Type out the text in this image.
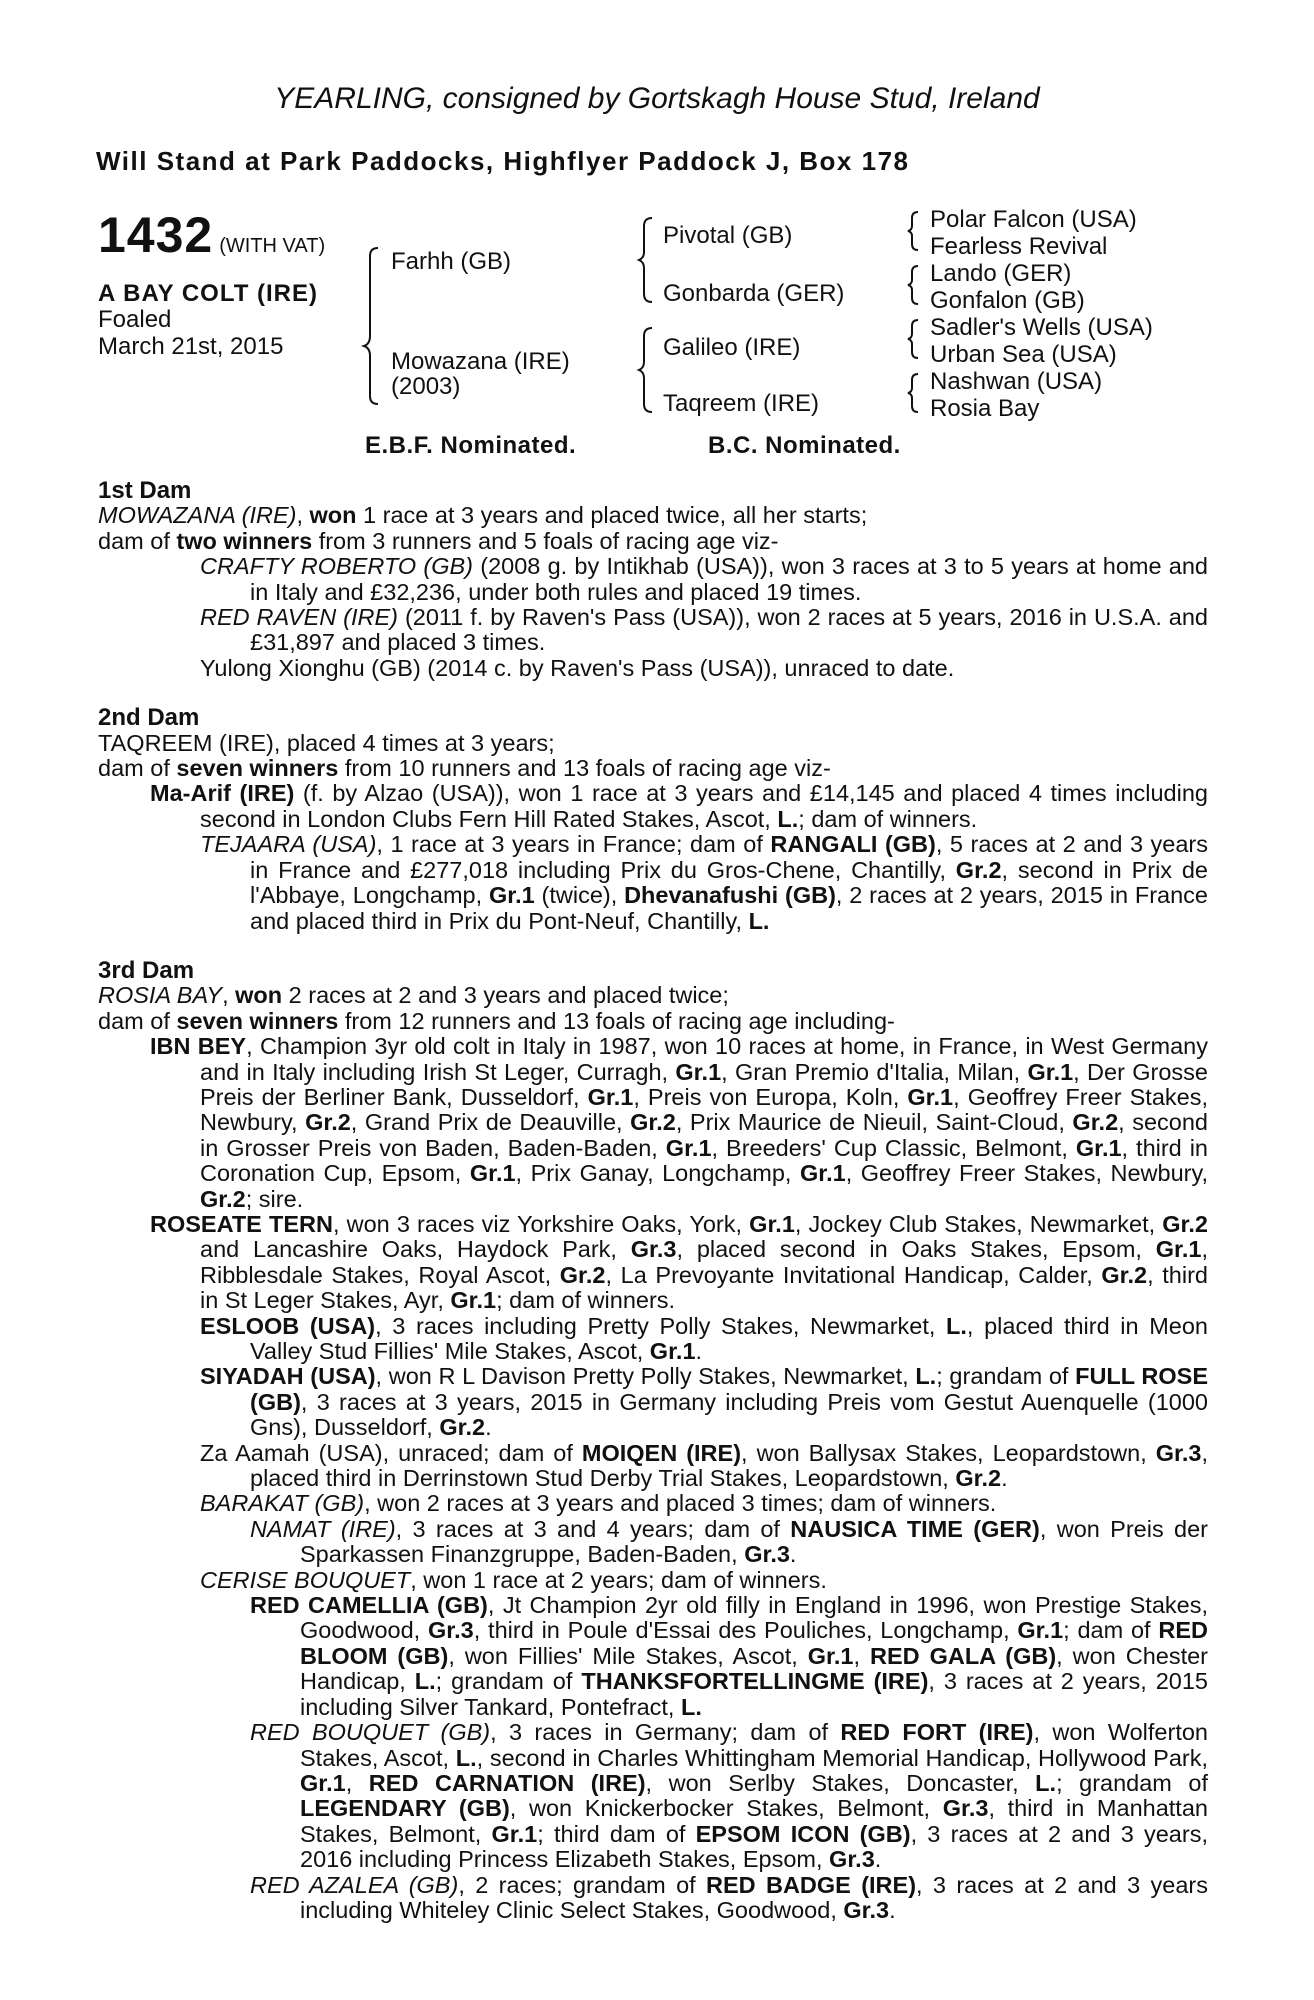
YEARLING, consigned by Gortskagh House Stud, Ireland
Will Stand at Park Paddocks, Highflyer Paddock J, Box 178
1432 (WITH VAT)
A BAY COLT (IRE)
Foaled
March 21st, 2015
Farhh (GB)
Mowazana (IRE)
(2003)
Pivotal (GB)
Gonbarda (GER)
Galileo (IRE)
Taqreem (IRE)
Polar Falcon (USA)
Fearless Revival
Lando (GER)
Gonfalon (GB)
Sadler's Wells (USA)
Urban Sea (USA)
Nashwan (USA)
Rosia Bay
E.B.F. Nominated.	B.C. Nominated.

1st Dam

MOWAZANA (IRE), won 1 race at 3 years and placed twice, all her starts;

dam of two winners from 3 runners and 5 foals of racing age viz-

CRAFTY ROBERTO (GB) (2008 g. by Intikhab (USA)), won 3 races at 3 to 5 years at home and in Italy and £32,236, under both rules and placed 19 times.

RED RAVEN (IRE) (2011 f. by Raven's Pass (USA)), won 2 races at 5 years, 2016 in U.S.A. and £31,897 and placed 3 times.

Yulong Xionghu (GB) (2014 c. by Raven's Pass (USA)), unraced to date.

2nd Dam

TAQREEM (IRE), placed 4 times at 3 years;

dam of seven winners from 10 runners and 13 foals of racing age viz-

Ma-Arif (IRE) (f. by Alzao (USA)), won 1 race at 3 years and £14,145 and placed 4 times including second in London Clubs Fern Hill Rated Stakes, Ascot, L.; dam of winners.

TEJAARA (USA), 1 race at 3 years in France; dam of RANGALI (GB), 5 races at 2 and 3 years in France and £277,018 including Prix du Gros-Chene, Chantilly, Gr.2, second in Prix de l'Abbaye, Longchamp, Gr.1 (twice), Dhevanafushi (GB), 2 races at 2 years, 2015 in France and placed third in Prix du Pont-Neuf, Chantilly, L.

3rd Dam

ROSIA BAY, won 2 races at 2 and 3 years and placed twice;

dam of seven winners from 12 runners and 13 foals of racing age including-

IBN BEY, Champion 3yr old colt in Italy in 1987, won 10 races at home, in France, in West Germany and in Italy including Irish St Leger, Curragh, Gr.1, Gran Premio d'Italia, Milan, Gr.1, Der Grosse Preis der Berliner Bank, Dusseldorf, Gr.1, Preis von Europa, Koln, Gr.1, Geoffrey Freer Stakes, Newbury, Gr.2, Grand Prix de Deauville, Gr.2, Prix Maurice de Nieuil, Saint-Cloud, Gr.2, second in Grosser Preis von Baden, Baden-Baden, Gr.1, Breeders' Cup Classic, Belmont, Gr.1, third in Coronation Cup, Epsom, Gr.1, Prix Ganay, Longchamp, Gr.1, Geoffrey Freer Stakes, Newbury, Gr.2; sire.

ROSEATE TERN, won 3 races viz Yorkshire Oaks, York, Gr.1, Jockey Club Stakes, Newmarket, Gr.2 and Lancashire Oaks, Haydock Park, Gr.3, placed second in Oaks Stakes, Epsom, Gr.1, Ribblesdale Stakes, Royal Ascot, Gr.2, La Prevoyante Invitational Handicap, Calder, Gr.2, third in St Leger Stakes, Ayr, Gr.1; dam of winners.

ESLOOB (USA), 3 races including Pretty Polly Stakes, Newmarket, L., placed third in Meon Valley Stud Fillies' Mile Stakes, Ascot, Gr.1.

SIYADAH (USA), won R L Davison Pretty Polly Stakes, Newmarket, L.; grandam of FULL ROSE (GB), 3 races at 3 years, 2015 in Germany including Preis vom Gestut Auenquelle (1000 Gns), Dusseldorf, Gr.2.

Za Aamah (USA), unraced; dam of MOIQEN (IRE), won Ballysax Stakes, Leopardstown, Gr.3, placed third in Derrinstown Stud Derby Trial Stakes, Leopardstown, Gr.2.

BARAKAT (GB), won 2 races at 3 years and placed 3 times; dam of winners.

NAMAT (IRE), 3 races at 3 and 4 years; dam of NAUSICA TIME (GER), won Preis der Sparkassen Finanzgruppe, Baden-Baden, Gr.3.

CERISE BOUQUET, won 1 race at 2 years; dam of winners.

RED CAMELLIA (GB), Jt Champion 2yr old filly in England in 1996, won Prestige Stakes, Goodwood, Gr.3, third in Poule d'Essai des Pouliches, Longchamp, Gr.1; dam of RED BLOOM (GB), won Fillies' Mile Stakes, Ascot, Gr.1, RED GALA (GB), won Chester Handicap, L.; grandam of THANKSFORTELLINGME (IRE), 3 races at 2 years, 2015 including Silver Tankard, Pontefract, L.

RED BOUQUET (GB), 3 races in Germany; dam of RED FORT (IRE), won Wolferton Stakes, Ascot, L., second in Charles Whittingham Memorial Handicap, Hollywood Park, Gr.1, RED CARNATION (IRE), won Serlby Stakes, Doncaster, L.; grandam of LEGENDARY (GB), won Knickerbocker Stakes, Belmont, Gr.3, third in Manhattan Stakes, Belmont, Gr.1; third dam of EPSOM ICON (GB), 3 races at 2 and 3 years, 2016 including Princess Elizabeth Stakes, Epsom, Gr.3.

RED AZALEA (GB), 2 races; grandam of RED BADGE (IRE), 3 races at 2 and 3 years including Whiteley Clinic Select Stakes, Goodwood, Gr.3.
